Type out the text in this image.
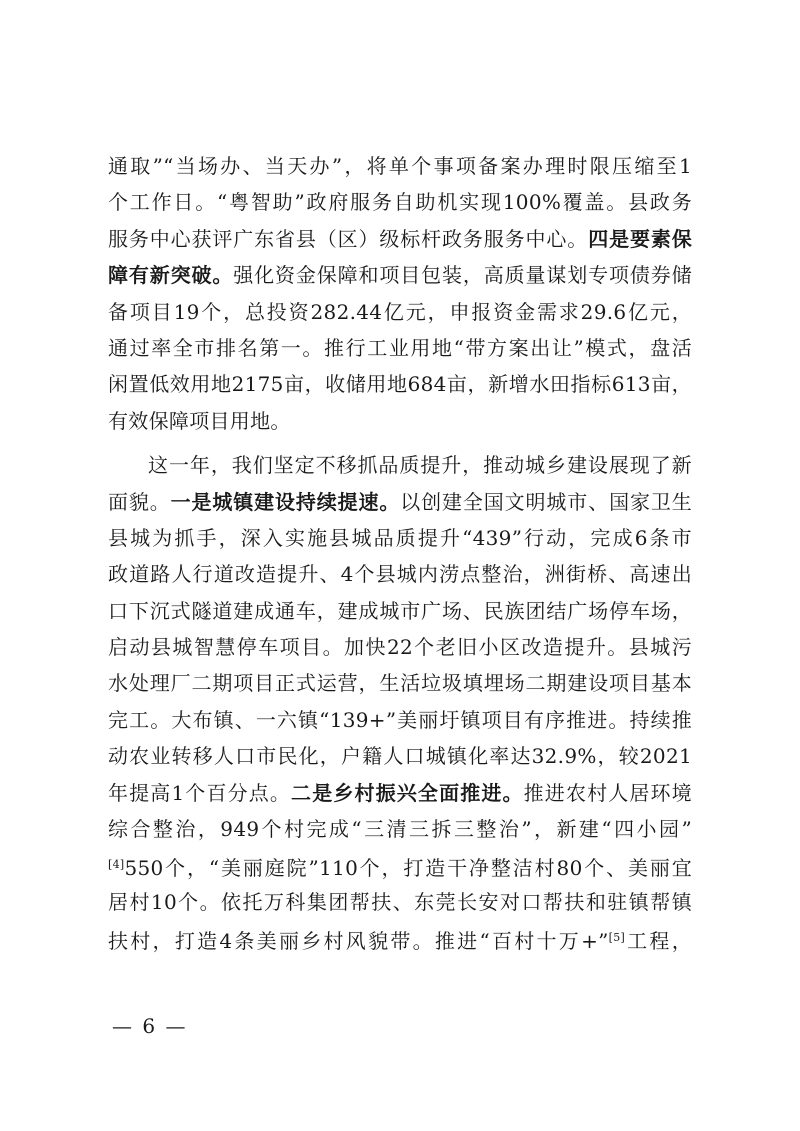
通取”“当场办、当天办”，将单个事项备案办理时限压缩至1
个工作日。“粤智助”政府服务自助机实现100%覆盖。县政务
服务中心获评广东省县（区）级标杆政务服务中心。四是要素保
障有新突破。强化资金保障和项目包装，高质量谋划专项债券储
备项目19个，总投资282.44亿元，申报资金需求29.6亿元，
通过率全市排名第一。推行工业用地“带方案出让”模式，盘活
闲置低效用地2175亩，收储用地684亩，新增水田指标613亩，
有效保障项目用地。
这一年，我们坚定不移抓品质提升，推动城乡建设展现了新
面貌。一是城镇建设持续提速。以创建全国文明城市、国家卫生
县城为抓手，深入实施县城品质提升“439”行动，完成6条市
政道路人行道改造提升、4个县城内涝点整治，洲街桥、高速出
口下沉式隧道建成通车，建成城市广场、民族团结广场停车场，
启动县城智慧停车项目。加快22个老旧小区改造提升。县城污
水处理厂二期项目正式运营，生活垃圾填埋场二期建设项目基本
完工。大布镇、一六镇“139+”美丽圩镇项目有序推进。持续推
动农业转移人口市民化，户籍人口城镇化率达32.9%，较2021
年提高1个百分点。二是乡村振兴全面推进。推进农村人居环境
综合整治，949个村完成“三清三拆三整治”，新建“四小园”
[4]550个，“美丽庭院”110个，打造干净整洁村80个、美丽宜
居村10个。依托万科集团帮扶、东莞长安对口帮扶和驻镇帮镇
扶村，打造4条美丽乡村风貌带。推进“百村十万+”[5]工程，
— 6 —
